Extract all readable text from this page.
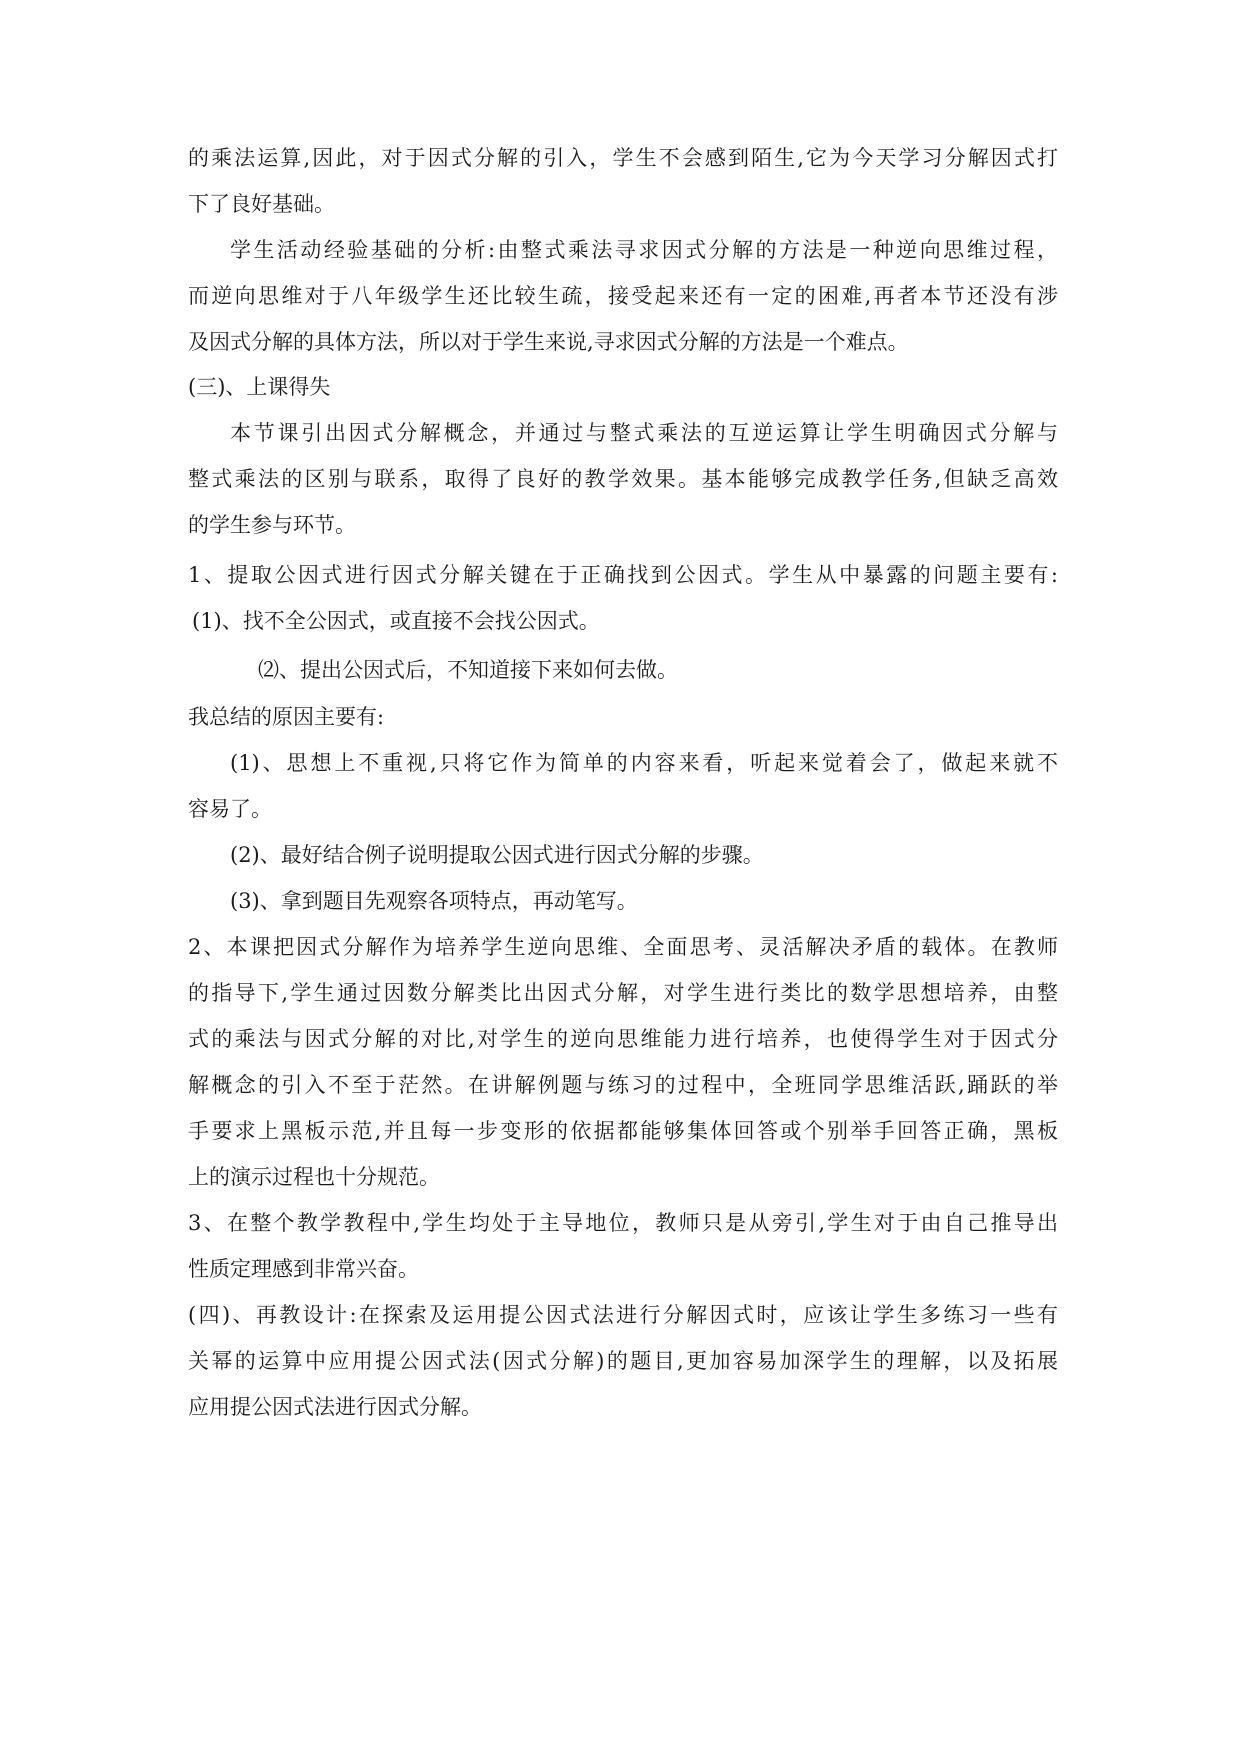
的乘法运算,因此，对于因式分解的引入，学生不会感到陌生,它为今天学习分解因式打

下了良好基础。

学生活动经验基础的分析:由整式乘法寻求因式分解的方法是一种逆向思维过程，

而逆向思维对于八年级学生还比较生疏，接受起来还有一定的困难,再者本节还没有涉

及因式分解的具体方法，所以对于学生来说,寻求因式分解的方法是一个难点。

(三)、上课得失

本节课引出因式分解概念，并通过与整式乘法的互逆运算让学生明确因式分解与

整式乘法的区别与联系，取得了良好的教学效果。基本能够完成教学任务,但缺乏高效

的学生参与环节。

1、提取公因式进行因式分解关键在于正确找到公因式。学生从中暴露的问题主要有:

(1)、找不全公因式，或直接不会找公因式。

⑵、提出公因式后，不知道接下来如何去做。

我总结的原因主要有:

(1)、思想上不重视,只将它作为简单的内容来看，听起来觉着会了，做起来就不

容易了。

(2)、最好结合例子说明提取公因式进行因式分解的步骤。

(3)、拿到题目先观察各项特点，再动笔写。

2、本课把因式分解作为培养学生逆向思维、全面思考、灵活解决矛盾的载体。在教师

的指导下,学生通过因数分解类比出因式分解，对学生进行类比的数学思想培养，由整

式的乘法与因式分解的对比,对学生的逆向思维能力进行培养，也使得学生对于因式分

解概念的引入不至于茫然。在讲解例题与练习的过程中，全班同学思维活跃,踊跃的举

手要求上黑板示范,并且每一步变形的依据都能够集体回答或个别举手回答正确，黑板

上的演示过程也十分规范。

3、在整个教学教程中,学生均处于主导地位，教师只是从旁引,学生对于由自己推导出

性质定理感到非常兴奋。

(四)、再教设计:在探索及运用提公因式法进行分解因式时，应该让学生多练习一些有

关幂的运算中应用提公因式法(因式分解)的题目,更加容易加深学生的理解，以及拓展

应用提公因式法进行因式分解。
